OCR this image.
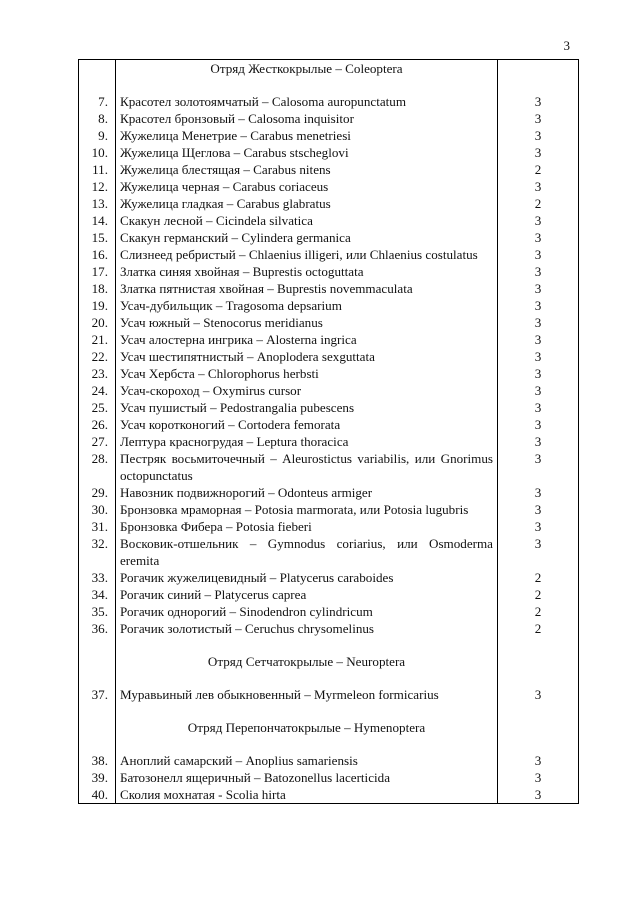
3
	Отряд Жесткокрылые – Coleoptera	

7.	Красотел золотоямчатый – Calosoma auropunctatum	3
8.	Красотел бронзовый – Calosoma inquisitor	3
9.	Жужелица Менетрие – Carabus menetriesi	3
10.	Жужелица Щеглова – Carabus stscheglovi	3
11.	Жужелица блестящая – Carabus nitens	2
12.	Жужелица черная – Carabus coriaceus	3
13.	Жужелица гладкая – Carabus glabratus	2
14.	Скакун лесной – Cicindela silvatica	3
15.	Скакун германский – Cylindera germanica	3
16.	Слизнеед ребристый – Chlaenius illigeri, или Chlaenius costulatus	3
17.	Златка синяя хвойная – Buprestis octoguttata	3
18.	Златка пятнистая хвойная – Buprestis novemmaculata	3
19.	Усач-дубильщик – Tragosoma depsarium	3
20.	Усач южный – Stenocorus meridianus	3
21.	Усач алостерна ингрика – Alosterna ingrica	3
22.	Усач шестипятнистый – Anoplodera sexguttata	3
23.	Усач Хербста – Chlorophorus herbsti	3
24.	Усач-скороход – Oxymirus cursor	3
25.	Усач пушистый – Pedostrangalia pubescens	3
26.	Усач коротконогий – Cortodera femorata	3
27.	Лептура красногрудая – Leptura thoracica	3
28.	Пестряк восьмиточечный – Aleurostictus variabilis, или Gnorimus octopunctatus	3
29.	Навозник подвижнорогий – Odonteus armiger	3
30.	Бронзовка мраморная – Potosia marmorata, или Potosia lugubris	3
31.	Бронзовка Фибера – Potosia fieberi	3
32.	Восковик-отшельник – Gymnodus coriarius, или Osmoderma eremita	3
33.	Рогачик жужелицевидный – Platycerus caraboides	2
34.	Рогачик синий – Platycerus caprea	2
35.	Рогачик однорогий – Sinodendron cylindricum	2
36.	Рогачик золотистый – Ceruchus chrysomelinus	2

	Отряд Сетчатокрылые – Neuroptera	

37.	Муравьиный лев обыкновенный – Myrmeleon formicarius	3

	Отряд Перепончатокрылые – Hymenoptera	

38.	Аноплий самарский – Anoplius samariensis	3
39.	Батозонелл ящеричный – Batozonellus lacerticida	3
40.	Сколия мохнатая - Scolia hirta	3
